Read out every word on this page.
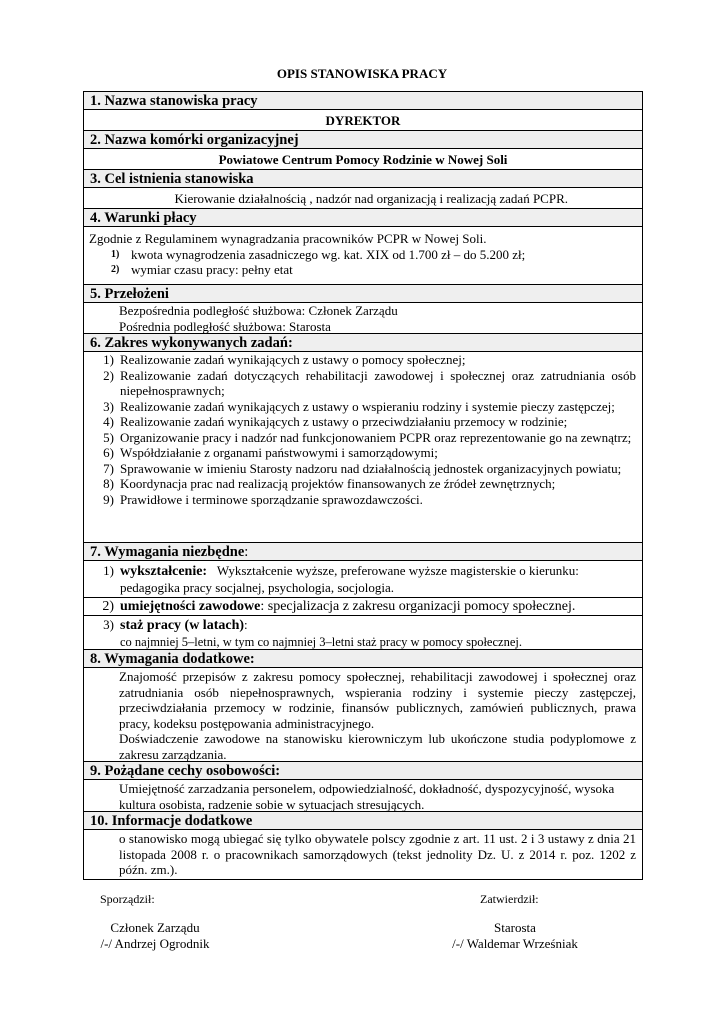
OPIS STANOWISKA PRACY
1. Nazwa stanowiska pracy
DYREKTOR
2. Nazwa komórki organizacyjnej
Powiatowe Centrum Pomocy Rodzinie w Nowej Soli
3. Cel istnienia stanowiska
Kierowanie działalnością , nadzór nad organizacją i realizacją zadań PCPR.
4. Warunki płacy
Zgodnie z Regulaminem wynagradzania pracowników PCPR w Nowej Soli.
1) kwota wynagrodzenia zasadniczego wg. kat. XIX od 1.700 zł – do 5.200 zł;
2) wymiar czasu pracy: pełny etat
5. Przełożeni
Bezpośrednia podległość służbowa: Członek Zarządu
Pośrednia podległość służbowa: Starosta
6. Zakres wykonywanych zadań:
1) Realizowanie zadań wynikających z ustawy o pomocy społecznej;
2) Realizowanie zadań dotyczących rehabilitacji zawodowej i społecznej oraz zatrudniania osób niepełnosprawnych;
3) Realizowanie zadań wynikających z ustawy o wspieraniu rodziny i systemie pieczy zastępczej;
4) Realizowanie zadań wynikających z ustawy o przeciwdziałaniu przemocy w rodzinie;
5) Organizowanie pracy i nadzór nad funkcjonowaniem PCPR oraz reprezentowanie go na zewnątrz;
6) Współdziałanie z organami państwowymi i samorządowymi;
7) Sprawowanie w imieniu Starosty nadzoru nad działalnością jednostek organizacyjnych powiatu;
8) Koordynacja prac nad realizacją projektów finansowanych ze źródeł zewnętrznych;
9) Prawidłowe i terminowe sporządzanie sprawozdawczości.
7. Wymagania niezbędne:
1) wykształcenie: Wykształcenie wyższe, preferowane wyższe magisterskie o kierunku:
pedagogika pracy socjalnej, psychologia, socjologia.
2) umiejętności zawodowe: specjalizacja z zakresu organizacji pomocy społecznej.
3) staż pracy (w latach):
co najmniej 5–letni, w tym co najmniej 3–letni staż pracy w pomocy społecznej.
8. Wymagania dodatkowe:
Znajomość przepisów z zakresu pomocy społecznej, rehabilitacji zawodowej i społecznej oraz zatrudniania osób niepełnosprawnych, wspierania rodziny i systemie pieczy zastępczej, przeciwdziałania przemocy w rodzinie, finansów publicznych, zamówień publicznych, prawa pracy, kodeksu postępowania administracyjnego.
Doświadczenie zawodowe na stanowisku kierowniczym lub ukończone studia podyplomowe z zakresu zarządzania.
9. Pożądane cechy osobowości:
Umiejętność zarzadzania personelem, odpowiedzialność, dokładność, dyspozycyjność, wysoka kultura osobista, radzenie sobie w sytuacjach stresujących.
10. Informacje dodatkowe
o stanowisko mogą ubiegać się tylko obywatele polscy zgodnie z art. 11 ust. 2 i 3 ustawy z dnia 21 listopada 2008 r. o pracownikach samorządowych (tekst jednolity Dz. U. z 2014 r. poz. 1202 z późn. zm.).
Sporządził:
Członek Zarządu
/-/ Andrzej Ogrodnik
Zatwierdził:
Starosta
/-/ Waldemar Wrześniak
